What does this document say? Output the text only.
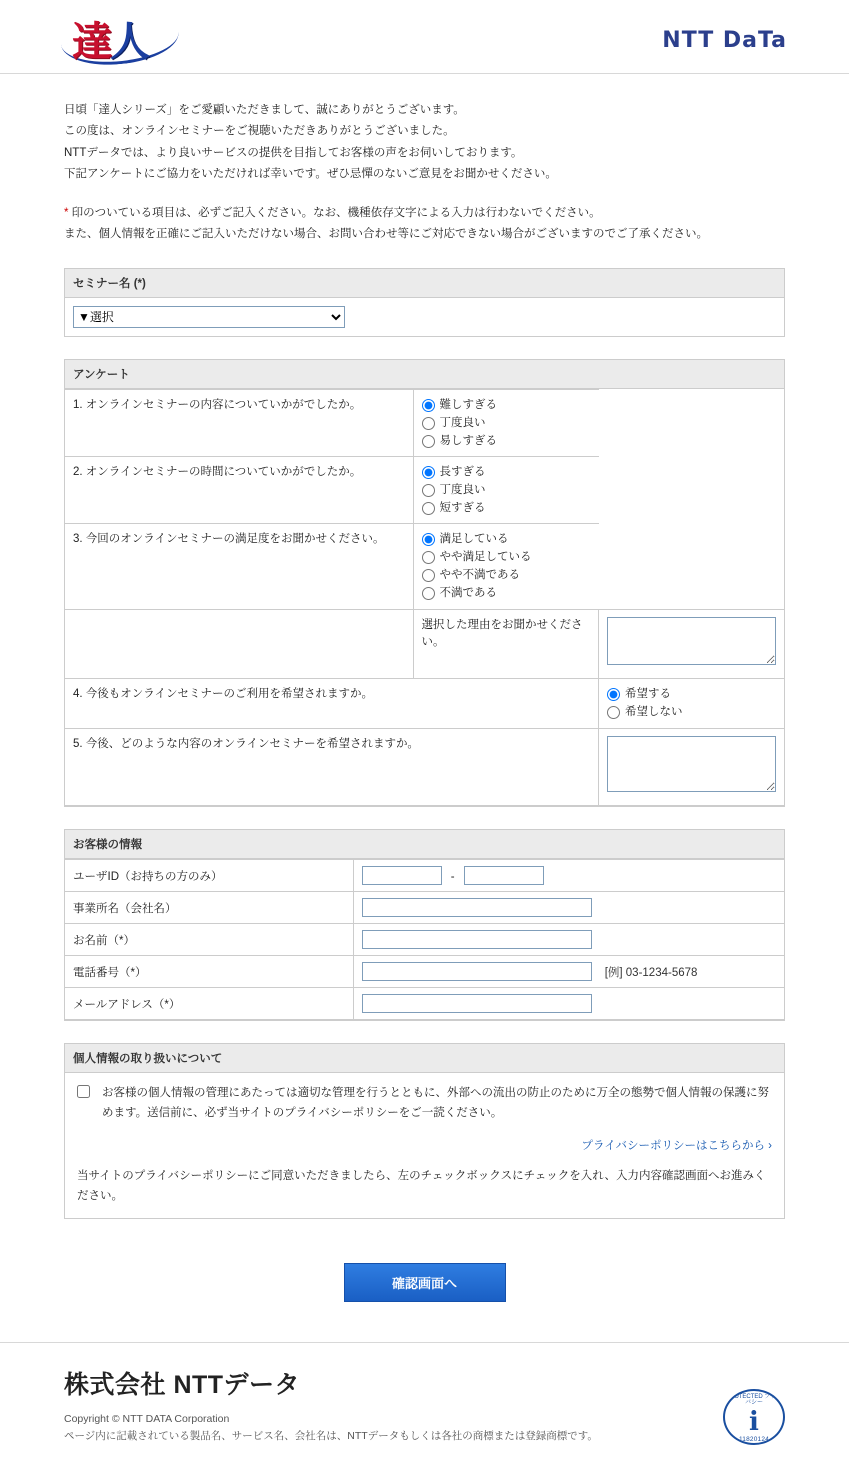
達人	NTT DaTa
日頃「達人シリーズ」をご愛顧いただきまして、誠にありがとうございます。
この度は、オンラインセミナーをご視聴いただきありがとうございました。
NTTデータでは、より良いサービスの提供を目指してお客様の声をお伺いしております。
下記アンケートにご協力をいただければ幸いです。ぜひ忌憚のないご意見をお聞かせください。
* 印のついている項目は、必ずご記入ください。なお、機種依存文字による入力は行わないでください。
また、個人情報を正確にご記入いただけない場合、お問い合わせ等にご対応できない場合がございますのでご了承ください。
セミナー名 (*)
▼選択
アンケート
1. オンラインセミナーの内容についていかがでしたか。	難しすぎる
丁度良い
易しすぎる	

2. オンラインセミナーの時間についていかがでしたか。	長すぎる
丁度良い
短すぎる	

3. 今回のオンラインセミナーの満足度をお聞かせください。	満足している
やや満足している
やや不満である
不満である	

	選択した理由をお聞かせください。	
4. 今後もオンラインセミナーのご利用を希望されますか。		希望する
希望しない

5. 今後、どのような内容のオンラインセミナーを希望されますか。	
お客様の情報
ユーザID（お持ちの方のみ）	-
事業所名（会社名）	
お名前（*）	
電話番号（*）	[例] 03-1234-5678
メールアドレス（*）	
個人情報の取り扱いについて
お客様の個人情報の管理にあたっては適切な管理を行うとともに、外部への流出の防止のために万全の態勢で個人情報の保護に努めます。送信前に、必ず当サイトのプライバシーポリシーをご一読ください。
プライバシーポリシーはこちらから ›
当サイトのプライバシーポリシーにご同意いただきましたら、左のチェックボックスにチェックを入れ、入力内容確認画面へお進みください。
確認画面へ
株式会社 NTTデータ
Copyright © NTT DATA Corporation
ページ内に記載されている製品名、サービス名、会社名は、NTTデータもしくは各社の商標または登録商標です。
PROTECTED プライバシー
i
11820124
